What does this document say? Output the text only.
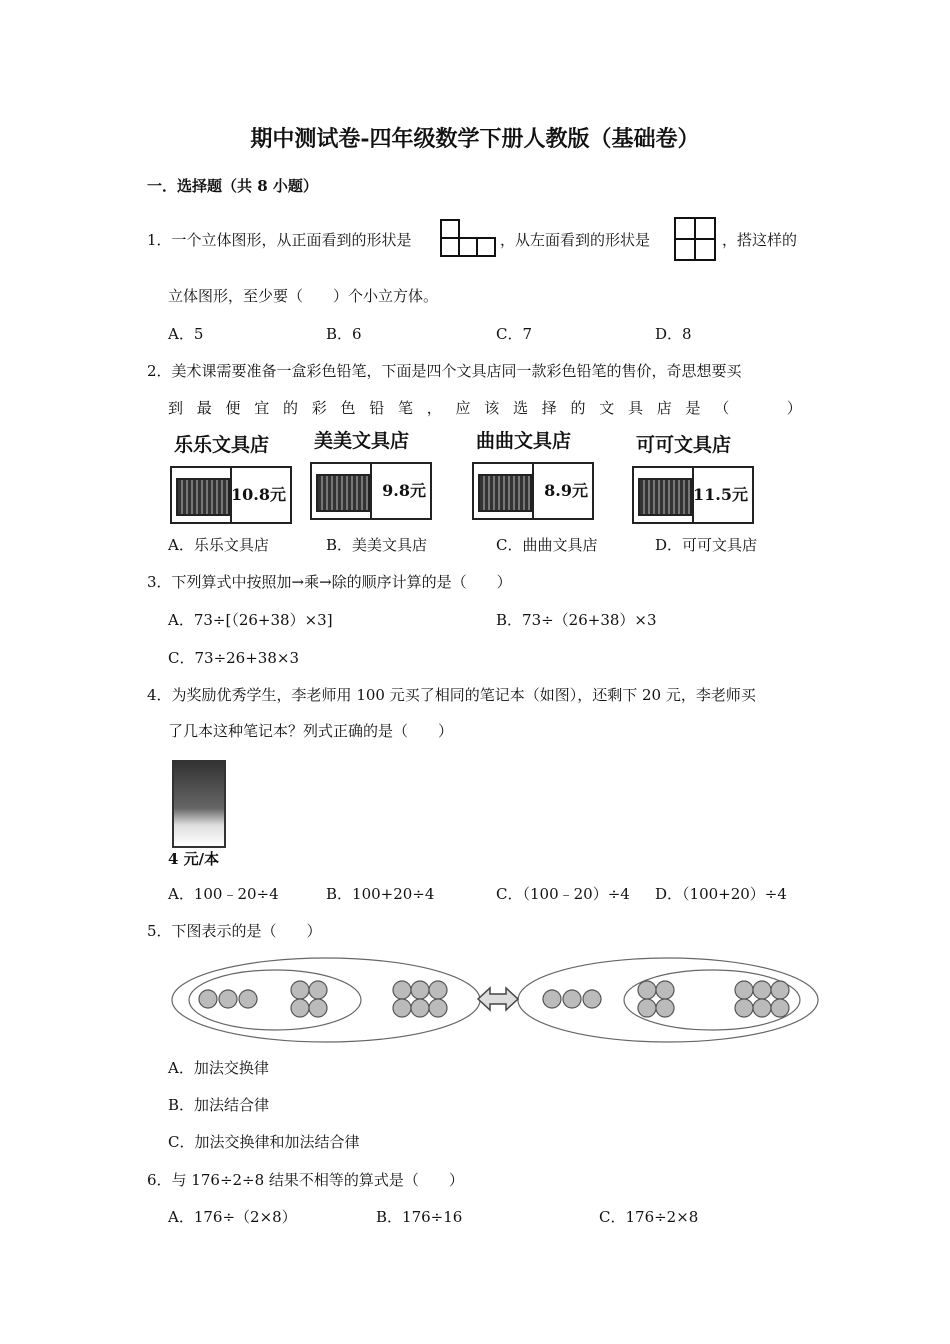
期中测试卷-四年级数学下册人教版（基础卷）
一．选择题（共 8 小题）
1．一个立体图形，从正面看到的形状是	，从左面看到的形状是	，搭这样的
立体图形，至少要（　　）个小立方体。
A．5	B．6	C．7	D．8
2．美术课需要准备一盒彩色铅笔，下面是四个文具店同一款彩色铅笔的售价，奇思想要买
到 最 便 宜 的 彩 色 铅 笔 ， 应 该 选 择 的 文 具 店 是 （
　　	）
乐乐文具店
10.8元
美美文具店
9.8元
曲曲文具店
8.9元
可可文具店
11.5元
A．乐乐文具店	B．美美文具店	C．曲曲文具店	D．可可文具店
3．下列算式中按照加→乘→除的顺序计算的是（　　）
A．73÷[（26+38）×3]	B．73÷（26+38）×3
C．73÷26+38×3
4．为奖励优秀学生，李老师用 100 元买了相同的笔记本（如图），还剩下 20 元，李老师买
了几本这种笔记本？列式正确的是（　　）
4 元/本
A．100﹣20÷4	B．100+20÷4	C．（100﹣20）÷4 D．（100+20）÷4
5．下图表示的是（　　）
A．加法交换律
B．加法结合律
C．加法交换律和加法结合律
6．与 176÷2÷8 结果不相等的算式是（　　）
A．176÷（2×8）	B．176÷16	C．176÷2×8
